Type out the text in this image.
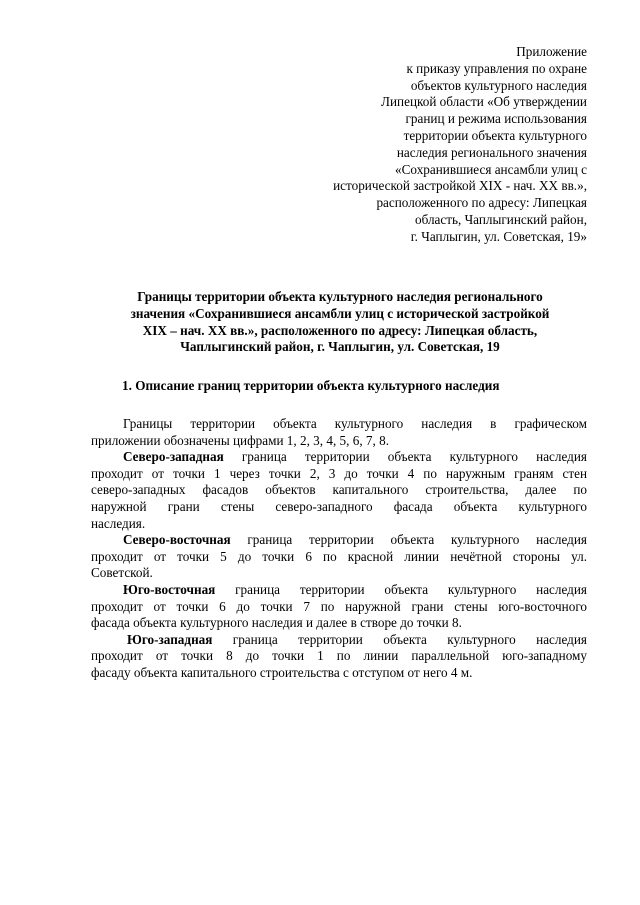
Приложение
к приказу управления по охране
объектов культурного наследия
Липецкой области «Об утверждении
границ и режима использования
территории объекта культурного
наследия регионального значения
«Сохранившиеся ансамбли улиц с
исторической застройкой XIX - нач. XX вв.»,
расположенного по адресу: Липецкая
область, Чаплыгинский район,
г. Чаплыгин, ул. Советская, 19»
Границы территории объекта культурного наследия регионального
значения «Сохранившиеся ансамбли улиц с исторической застройкой
XIX – нач. XX вв.», расположенного по адресу: Липецкая область,
Чаплыгинский район, г. Чаплыгин, ул. Советская, 19
1. Описание границ территории объекта культурного наследия
Границы территории объекта культурного наследия в графическом
приложении обозначены цифрами 1, 2, 3, 4, 5, 6, 7, 8.
Северо-западная граница территории объекта культурного наследия
проходит от точки 1 через точки 2, 3 до точки 4 по наружным граням стен
северо-западных фасадов объектов капитального строительства, далее по
наружной грани стены северо-западного фасада объекта культурного
наследия.
Северо-восточная граница территории объекта культурного наследия
проходит от точки 5 до точки 6 по красной линии нечётной стороны ул.
Советской.
Юго-восточная граница территории объекта культурного наследия
проходит от точки 6 до точки 7 по наружной грани стены юго-восточного
фасада объекта культурного наследия и далее в створе до точки 8.
Юго-западная граница территории объекта культурного наследия
проходит от точки 8 до точки 1 по линии параллельной юго-западному
фасаду объекта капитального строительства с отступом от него 4 м.
